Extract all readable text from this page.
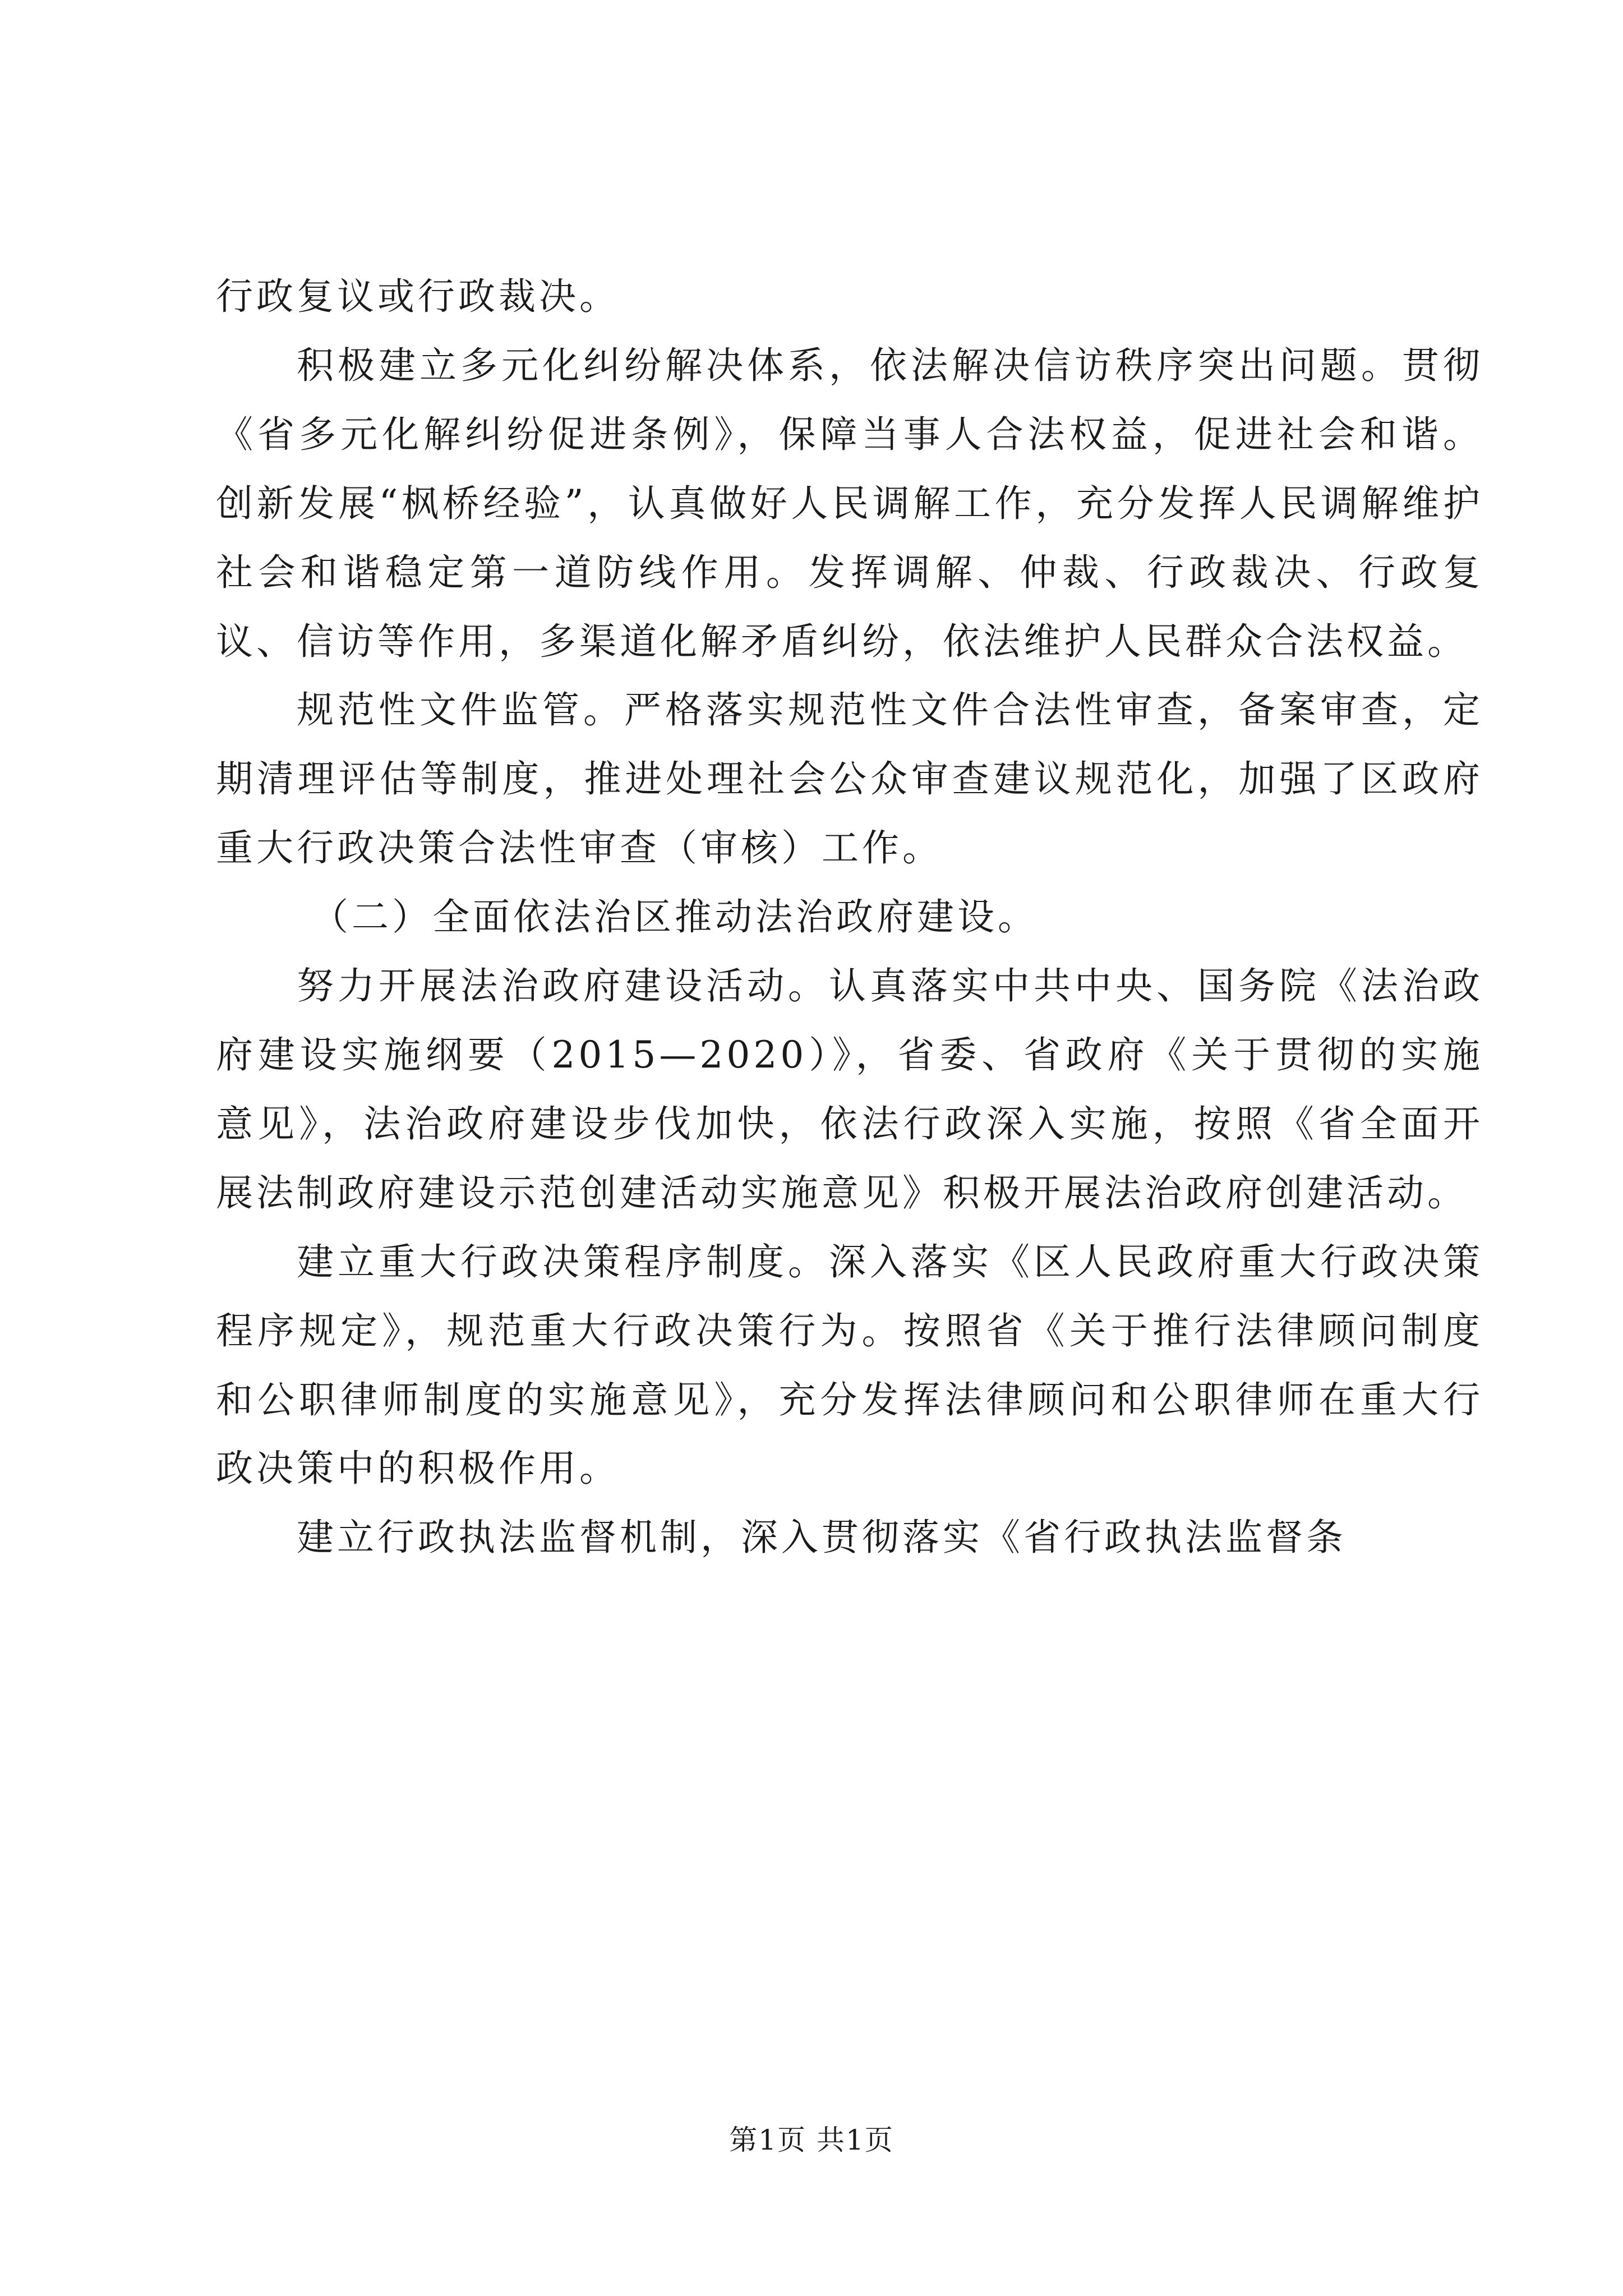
行政复议或行政裁决。

积极建立多元化纠纷解决体系，依法解决信访秩序突出问题。贯彻《省多元化解纠纷促进条例》，保障当事人合法权益，促进社会和谐。创新发展“枫桥经验”，认真做好人民调解工作，充分发挥人民调解维护社会和谐稳定第一道防线作用。发挥调解、仲裁、行政裁决、行政复议、信访等作用，多渠道化解矛盾纠纷，依法维护人民群众合法权益。

规范性文件监管。严格落实规范性文件合法性审查，备案审查，定期清理评估等制度，推进处理社会公众审查建议规范化，加强了区政府重大行政决策合法性审查（审核）工作。

（二）全面依法治区推动法治政府建设。

努力开展法治政府建设活动。认真落实中共中央、国务院《法治政府建设实施纲要（2015—2020）》，省委、省政府《关于贯彻的实施意见》，法治政府建设步伐加快，依法行政深入实施，按照《省全面开展法制政府建设示范创建活动实施意见》积极开展法治政府创建活动。

建立重大行政决策程序制度。深入落实《区人民政府重大行政决策程序规定》，规范重大行政决策行为。按照省《关于推行法律顾问制度和公职律师制度的实施意见》，充分发挥法律顾问和公职律师在重大行政决策中的积极作用。

建立行政执法监督机制，深入贯彻落实《省行政执法监督条

第1页 共1页
